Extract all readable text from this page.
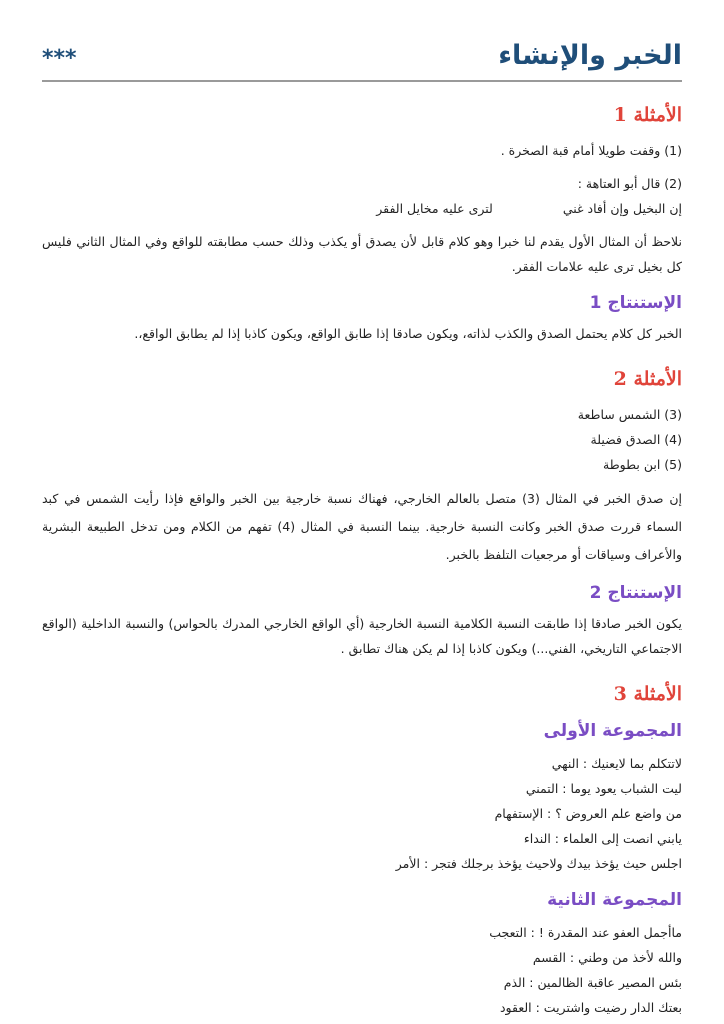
الخبر والإنشاء
***
الأمثلة 1

(1) وقفت طويلا أمام قبة الصخرة .

(2) قال أبو العتاهة :

إن البخيل وإن أفاد غني
لترى عليه مخايل الفقر

نلاحظ أن المثال الأول يقدم لنا خبرا وهو كلام قابل لأن يصدق أو يكذب وذلك حسب مطابقته للواقع وفي المثال الثاني فليس كل بخيل ترى عليه علامات الفقر.

الإستنتاج 1

الخبر كل كلام يحتمل الصدق والكذب لذاته، ويكون صادقا إذا طابق الواقع، ويكون كاذبا إذا لم يطابق الواقع،.

الأمثلة 2
(3) الشمس ساطعة
(4) الصدق فضيلة
(5) ابن بطوطة

إن صدق الخبر في المثال (3) متصل بالعالم الخارجي، فهناك نسبة خارجية بين الخبر والواقع فإذا رأيت الشمس في كبد السماء قررت صدق الخبر وكانت النسبة خارجية. بينما النسبة في المثال (4) تفهم من الكلام ومن تدخل الطبيعة البشرية والأعراف وسياقات أو مرجعيات التلفظ بالخبر.

الإستنتاج 2

يكون الخبر صادقا إذا طابقت النسبة الكلامية النسبة الخارجية (أي الواقع الخارجي المدرك بالحواس) والنسبة الداخلية (الواقع الاجتماعي التاريخي، الفني...) ويكون كاذبا إذا لم يكن هناك تطابق .

الأمثلة 3
المجموعة الأولى
لاتتكلم بما لايعنيك : النهي
ليت الشباب يعود يوما : التمني
من واضع علم العروض ؟ : الإستفهام
يابني انصت إلى العلماء : النداء
اجلس حيث يؤخذ بيدك ولاحيث يؤخذ برجلك فتجر : الأمر
المجموعة الثانية
ماأجمل العفو عند المقدرة ! : التعجب
والله لأخذ من وطني : القسم
بئس المصير عاقبة الظالمين : الذم
بعتك الدار رضيت واشتريت : العقود
